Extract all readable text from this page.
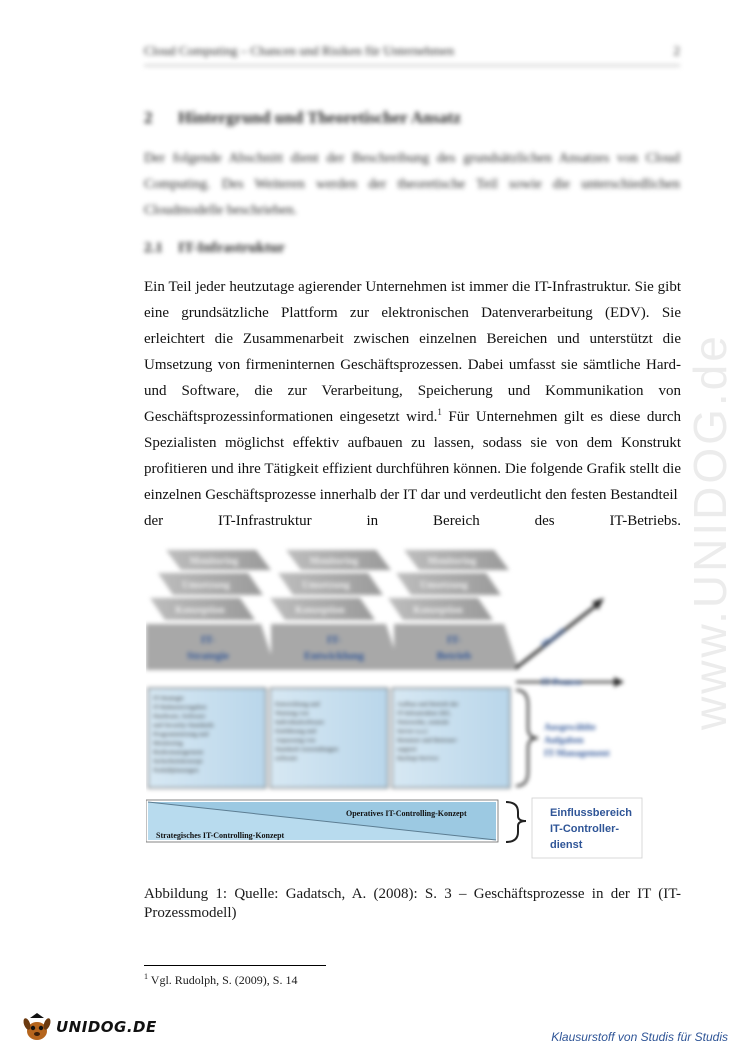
Cloud Computing – Chancen und Risiken für Unternehmen	2
2 Hintergrund und Theoretischer Ansatz
Der folgende Abschnitt dient der Beschreibung des grundsätzlichen Ansatzes von Cloud Computing. Des Weiteren werden der theoretische Teil sowie die unterschiedlichen Cloudmodelle beschrieben.
2.1 IT-Infrastruktur

Ein Teil jeder heutzutage agierender Unternehmen ist immer die IT-Infrastruktur. Sie gibt eine grundsätzliche Plattform zur elektronischen Datenverarbeitung (EDV). Sie erleichtert die Zusammenarbeit zwischen einzelnen Bereichen und unterstützt die Umsetzung von firmeninternen Geschäftsprozessen. Dabei umfasst sie sämtliche Hard- und Software, die zur Verarbeitung, Speicherung und Kommunikation von Geschäftsprozessinformationen eingesetzt wird.$^1$ Für Unternehmen gilt es diese durch Spezialisten möglichst effektiv aufbauen zu lassen, sodass sie von dem Konstrukt profitieren und ihre Tätigkeit effizient durchführen können. Die folgende Grafik stellt die einzelnen Geschäftsprozesse innerhalb der IT dar und verdeutlicht den festen Bestandteil

der	IT-Infrastruktur	in	Bereich	des	IT-Betriebs.
Monitoring	Monitoring	Monitoring
Umsetzung	Umsetzung	Umsetzung
Konzeption	Konzeption	Konzeption
IT-
Strategie
IT-
Entwicklung
IT-
Betrieb
Phasen
IT-Prozess
IT-Strategie
IT-Rahmenvorgaben
Hardware, Software
und Security-Standards
Programmierung und
Monitoring
Risikomanagement
Sicherheitskonzept
Notfallplanungen
Entwicklung und
Wartung von
Individualsoftware
Einführung und
Anpassung von
Standard-Anwendungen
software
Aufbau und Betrieb der
IT-Infrastruktur (RZ,
Netzwerke, zentrale
Server u.a.)
Benutzer und Betreuer-
support
Backup-Service
Ausgewählte
Aufgaben
IT-Management
Operatives IT-Controlling-Konzept
Strategisches IT-Controlling-Konzept
Einflussbereich
IT-Controller-
dienst
Abbildung 1: Quelle: Gadatsch, A. (2008): S. 3 – Geschäftsprozesse in der IT (IT-Prozessmodell)
$^1$ Vgl. Rudolph, S. (2009), S. 14
www.UNIDOG.de
UNIDOG.DE
Klausurstoff von Studis für Studis
